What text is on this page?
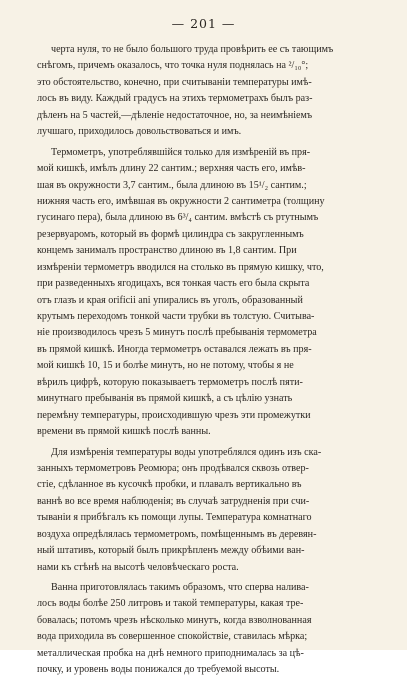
— 201 —
черта нуля, то не было большого труда провѣрить ее съ тающимъ
снѣгомъ, причемъ оказалось, что точка нуля поднялась на ²/₁₀°;
это обстоятельство, конечно, при считываніи температуры имѣ-
лось въ виду. Каждый градусъ на этихъ термометрахъ былъ раз-
дѣленъ на 5 частей,—дѣленіе недостаточное, но, за неимѣніемъ
лучшаго, приходилось довольствоваться и имъ.
Термометръ, употреблявшійся только для измѣреній въ пря-
мой кишкѣ, имѣлъ длину 22 сантим.; верхняя часть его, имѣв-
шая въ окружности 3,7 сантим., была длиною въ 15¹/₂ сантим.;
нижняя часть его, имѣвшая въ окружности 2 сантиметра (толщину
гусинаго пера), была длиною въ 6³/₄ сантим. вмѣстѣ съ ртутнымъ
резервуаромъ, который въ формѣ цилиндра съ закругленнымъ
концемъ занималъ пространство длиною въ 1,8 сантим. При
измѣреніи термометръ вводился на столько въ прямую кишку, что,
при разведенныхъ ягодицахъ, вся тонкая часть его была скрыта
отъ глазъ и края orificii ani упирались въ уголъ, образованный
крутымъ переходомъ тонкой части трубки въ толстую. Считыва-
ніе производилось чрезъ 5 минутъ послѣ пребыванія термометра
въ прямой кишкѣ. Иногда термометръ оставался лежать въ пря-
мой кишкѣ 10, 15 и болѣе минутъ, но не потому, чтобы я не
вѣрилъ цифрѣ, которую показываетъ термометръ послѣ пяти-
минутнаго пребыванія въ прямой кишкѣ, а съ цѣлію узнать
перемѣну температуры, происходившую чрезъ эти промежутки
времени въ прямой кишкѣ послѣ ванны.
Для измѣренія температуры воды употреблялся одинъ изъ ска-
занныхъ термометровъ Реомюра; онъ продѣвался сквозь отвер-
стіе, сдѣланное въ кусочкѣ пробки, и плавалъ вертикально въ
ваннѣ во все время наблюденія; въ случаѣ затрудненія при счи-
тываніи я прибѣгалъ къ помощи лупы. Температура комнатнаго
воздуха опредѣлялась термометромъ, помѣщеннымъ въ деревян-
ный штативъ, который былъ прикрѣпленъ между обѣими ван-
нами къ стѣнѣ на высотѣ человѣческаго роста.
Ванна приготовлялась такимъ образомъ, что сперва налива-
лось воды болѣе 250 литровъ и такой температуры, какая тре-
бовалась; потомъ чрезъ нѣсколько минутъ, когда взволнованная
вода приходила въ совершенное спокойствіе, ставилась мѣрка;
металлическая пробка на днѣ немного приподнималась за цѣ-
почку, и уровень воды понижался до требуемой высоты.
